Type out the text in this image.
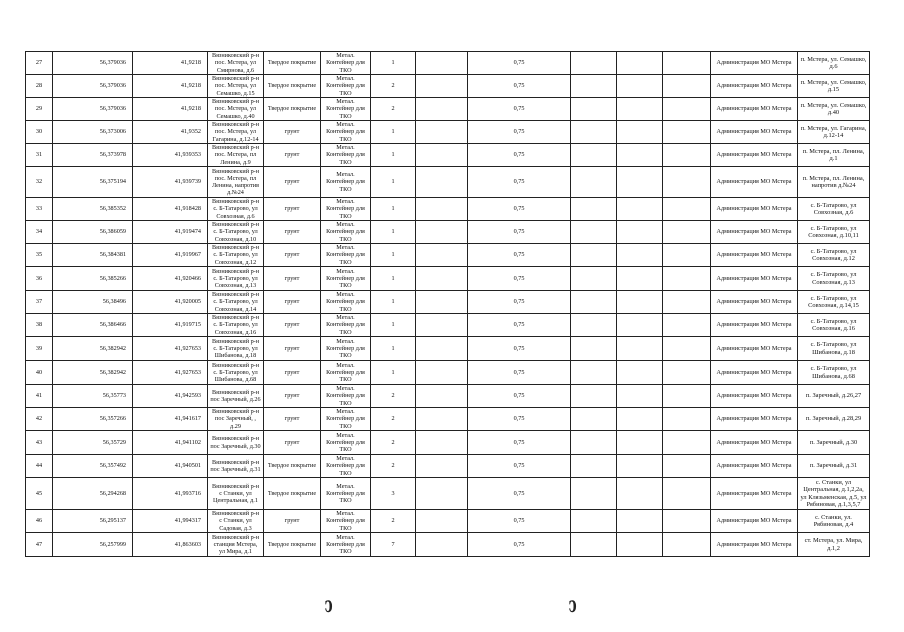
27	56,379036	41,9218	Вязниковский р-н пос. Мстера, ул Смирнова, д.6	Твердое покрытие	Метал. Контейнер для ТКО	1		0,75				Администрация МО Мстера	п. Мстера, ул. Семашко, д.6
28	56,379036	41,9218	Вязниковский р-н пос. Мстера, ул Семашко, д.15	Твердое покрытие	Метал. Контейнер для ТКО	2		0,75				Администрация МО Мстера	п. Мстера, ул. Семашко, д.15
29	56,379036	41,9218	Вязниковский р-н пос. Мстера, ул Семашко, д.40	Твердое покрытие	Метал. Контейнер для ТКО	2		0,75				Администрация МО Мстера	п. Мстера, ул. Семашко, д.40
30	56,373006	41,9352	Вязниковский р-н пос. Мстера, ул Гагарина, д.12-14	грунт	Метал. Контейнер для ТКО	1		0,75				Администрация МО Мстера	п. Мстера, ул. Гагарина, д.12-14
31	56,373978	41,939353	Вязниковский р-н пос. Мстера, пл Ленина, д.9	грунт	Метал. Контейнер для ТКО	1		0,75				Администрация МО Мстера	п. Мстера, пл. Ленина, д.1
32	56,375194	41,939739	Вязниковский р-н пос. Мстера, пл Ленина, напротив д.№24	грунт	Метал. Контейнер для ТКО	1		0,75				Администрация МО Мстера	п. Мстера, пл. Ленина, напротив д.№24
33	56,385352	41,918428	Вязниковский р-н с. Б-Татарово, ул Совхозная, д.6	грунт	Метал. Контейнер для ТКО	1		0,75				Администрация МО Мстера	с. Б-Татарово, ул Совхозная, д.6
34	56,386059	41,919474	Вязниковский р-н с. Б-Татарово, ул Совхозная, д.10	грунт	Метал. Контейнер для ТКО	1		0,75				Администрация МО Мстера	с. Б-Татарово, ул Совхозная, д.10,11
35	56,384381	41,919967	Вязниковский р-н с. Б-Татарово, ул Совхозная, д.12	грунт	Метал. Контейнер для ТКО	1		0,75				Администрация МО Мстера	с. Б-Татарово, ул Совхозная, д.12
36	56,385266	41,920466	Вязниковский р-н с. Б-Татарово, ул Совхозная, д.13	грунт	Метал. Контейнер для ТКО	1		0,75				Администрация МО Мстера	с. Б-Татарово, ул Совхозная, д.13
37	56,38496	41,920005	Вязниковский р-н с. Б-Татарово, ул Совхозная, д.14	грунт	Метал. Контейнер для ТКО	1		0,75				Администрация МО Мстера	с. Б-Татарово, ул Совхозная, д.14,15
38	56,386466	41,919715	Вязниковский р-н с. Б-Татарово, ул Совхозная, д.16	грунт	Метал. Контейнер для ТКО	1		0,75				Администрация МО Мстера	с. Б-Татарово, ул Совхозная, д.16
39	56,382942	41,927653	Вязниковский р-н с. Б-Татарово, ул Шибанова, д.18	грунт	Метал. Контейнер для ТКО	1		0,75				Администрация МО Мстера	с. Б-Татарово, ул Шибанова, д.18
40	56,382942	41,927653	Вязниковский р-н с. Б-Татарово, ул Шибанова, д.68	грунт	Метал. Контейнер для ТКО	1		0,75				Администрация МО Мстера	с. Б-Татарово, ул Шибанова, д.68
41	56,35773	41,942593	Вязниковский р-н пос Заречный, д.26	грунт	Метал. Контейнер для ТКО	2		0,75				Администрация МО Мстера	п. Заречный, д.26,27
42	56,357266	41,941617	Вязниковский р-н пос Заречный, , д.29	грунт	Метал. Контейнер для ТКО	2		0,75				Администрация МО Мстера	п. Заречный, д.28,29
43	56,35729	41,941102	Вязниковский р-н пос Заречный, д.30	грунт	Метал. Контейнер для ТКО	2		0,75				Администрация МО Мстера	п. Заречный, д.30
44	56,357492	41,940501	Вязниковский р-н пос Заречный, д.31	Твердое покрытие	Метал. Контейнер для ТКО	2		0,75				Администрация МО Мстера	п. Заречный, д.31
45	56,294268	41,993716	Вязниковский р-н с Станки, ул Центральная, д.1	Твердое покрытие	Метал. Контейнер для ТКО	3		0,75				Администрация МО Мстера	с. Станки, ул Центральная, д.1,2,2а, ул Клязьменская, д.5, ул Рябиновая, д.1,3,5,7
46	56,295137	41,994317	Вязниковский р-н с Станки, ул Садовая, д.3	грунт	Метал. Контейнер для ТКО	2		0,75				Администрация МО Мстера	с. Станки, ул. Рябиновая, д.4
47	56,257999	41,863603	Вязниковский р-н станция Мстера, ул Мира, д.1	Твердое покрытие	Метал. Контейнер для ТКО	7		0,75				Администрация МО Мстера	ст. Мстера, ул. Мира, д.1,2
ↄ	ↄ
